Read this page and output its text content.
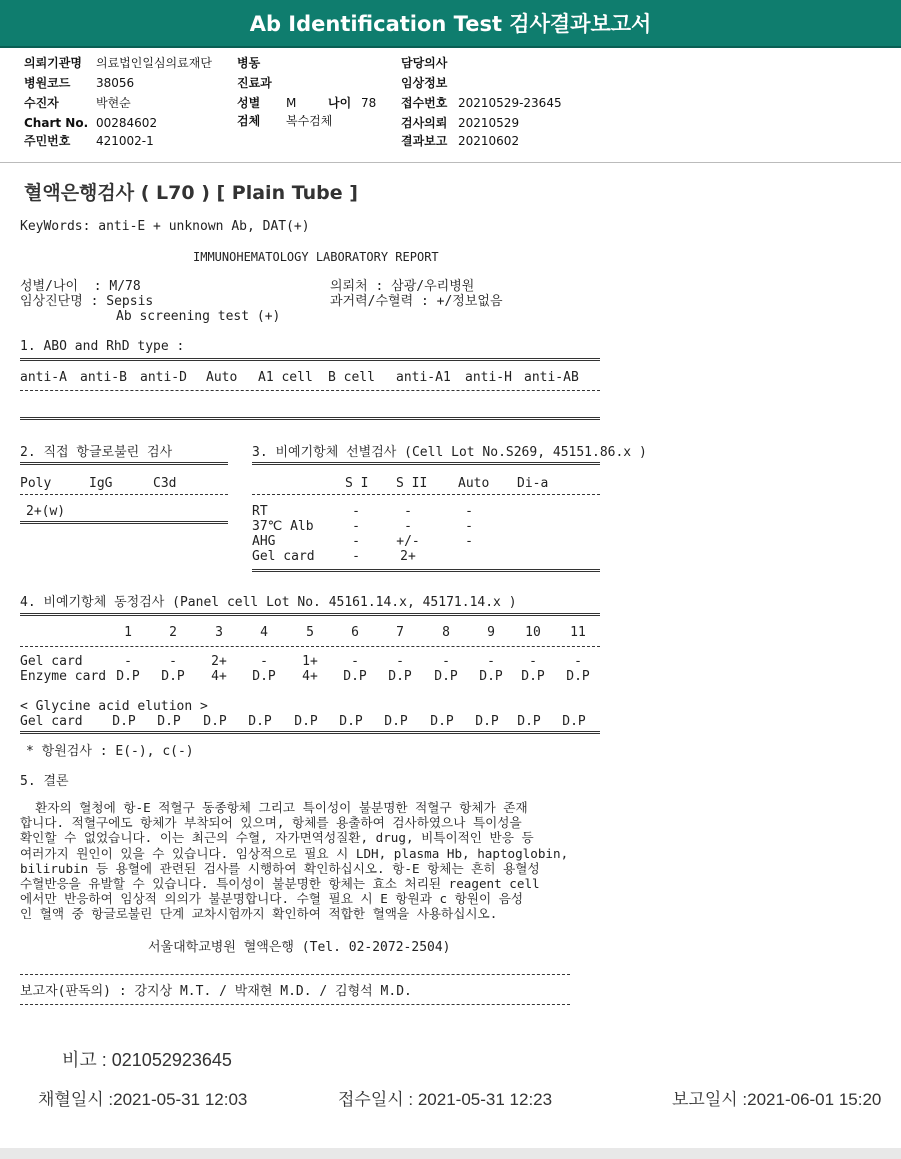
Ab Identification Test 검사결과보고서
의뢰기관명 의료법인일심의료재단
병원코드 38056
수진자	박현순
Chart No. 00284602
주민번호 421002-1
병동
진료과
성별 M	나이 78
검체 복수검체
담당의사
임상정보
접수번호 20210529-23645
검사의뢰 20210529
결과보고 20210602
혈액은행검사 ( L70 ) [ Plain Tube ]
KeyWords: anti-E + unknown Ab, DAT(+)
IMMUNOHEMATOLOGY LABORATORY REPORT
성별/나이  : M/78
임상진단명 : Sepsis
Ab screening test (+)
의뢰처 : 삼광/우리병원
과거력/수혈력 : +/정보없음
1. ABO and RhD type :
anti-A anti-B anti-D Auto A1 cell B cell anti-A1 anti-H anti-AB
2. 직접 항글로불린 검사
Poly	IgG	C3d
2+(w)
3. 비예기항체 선별검사 (Cell Lot No.S269, 45151.86.x )
S I S II Auto Di-a
RT	-	-	-
37℃ Alb	-	-	-
AHG	-	+/-	-
Gel card	-	2+
4. 비예기항체 동정검사 (Panel cell Lot No. 45161.14.x, 45171.14.x )
1	2	3	4	5	6	7	8	9 10 11
Gel card	-	-	2+	-	1+	-	-	-	-	-	-
Enzyme card D.P D.P 4+ D.P 4+ D.P D.P D.P D.P D.P D.P
< Glycine acid elution >
Gel card D.P D.P D.P D.P D.P D.P D.P D.P D.P D.P D.P
* 항원검사 : E(-), c(-)
5. 결론
환자의 혈청에 항-E 적혈구 동종항체 그리고 특이성이 불분명한 적혈구 항체가 존재
합니다. 적혈구에도 항체가 부착되어 있으며, 항체를 용출하여 검사하였으나 특이성을
확인할 수 없었습니다. 이는 최근의 수혈, 자가면역성질환, drug, 비특이적인 반응 등
여러가지 원인이 있을 수 있습니다. 임상적으로 필요 시 LDH, plasma Hb, haptoglobin,
bilirubin 등 용혈에 관련된 검사를 시행하여 확인하십시오. 항-E 항체는 흔히 용혈성
수혈반응을 유발할 수 있습니다. 특이성이 불분명한 항체는 효소 처리된 reagent cell
에서만 반응하여 임상적 의의가 불분명합니다. 수혈 필요 시 E 항원과 c 항원이 음성
인 혈액 중 항글로불린 단계 교차시험까지 확인하여 적합한 혈액을 사용하십시오.
서울대학교병원 혈액은행 (Tel. 02-2072-2504)
보고자(판독의) : 강지상 M.T. / 박재현 M.D. / 김형석 M.D.
비고 : 021052923645
채혈일시 :2021-05-31 12:03	접수일시 : 2021-05-31 12:23	보고일시 :2021-06-01 15:20
